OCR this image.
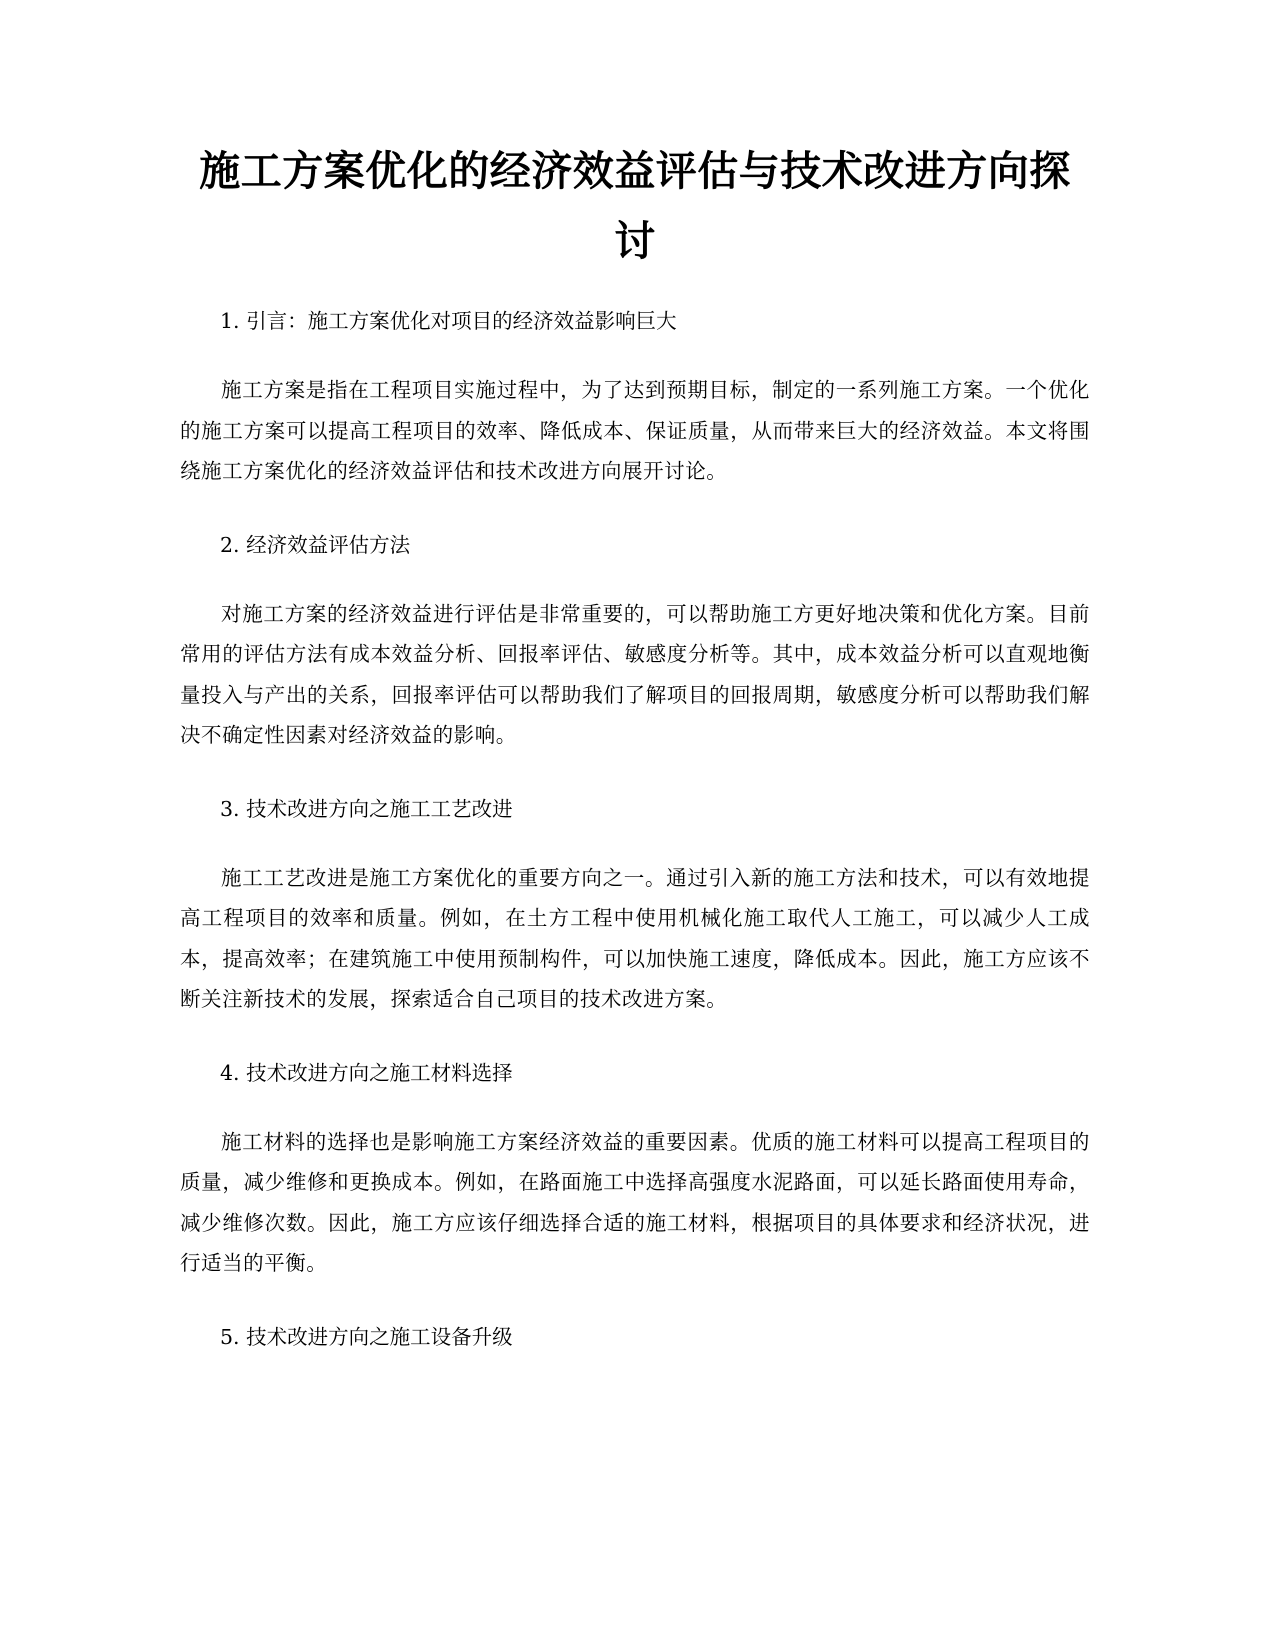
施工方案优化的经济效益评估与技术改进方向探讨

1. 引言：施工方案优化对项目的经济效益影响巨大

施工方案是指在工程项目实施过程中，为了达到预期目标，制定的一系列施工方案。一个优化的施工方案可以提高工程项目的效率、降低成本、保证质量，从而带来巨大的经济效益。本文将围绕施工方案优化的经济效益评估和技术改进方向展开讨论。

2. 经济效益评估方法

对施工方案的经济效益进行评估是非常重要的，可以帮助施工方更好地决策和优化方案。目前常用的评估方法有成本效益分析、回报率评估、敏感度分析等。其中，成本效益分析可以直观地衡量投入与产出的关系，回报率评估可以帮助我们了解项目的回报周期，敏感度分析可以帮助我们解决不确定性因素对经济效益的影响。

3. 技术改进方向之施工工艺改进

施工工艺改进是施工方案优化的重要方向之一。通过引入新的施工方法和技术，可以有效地提高工程项目的效率和质量。例如，在土方工程中使用机械化施工取代人工施工，可以减少人工成本，提高效率；在建筑施工中使用预制构件，可以加快施工速度，降低成本。因此，施工方应该不断关注新技术的发展，探索适合自己项目的技术改进方案。

4. 技术改进方向之施工材料选择

施工材料的选择也是影响施工方案经济效益的重要因素。优质的施工材料可以提高工程项目的质量，减少维修和更换成本。例如，在路面施工中选择高强度水泥路面，可以延长路面使用寿命，减少维修次数。因此，施工方应该仔细选择合适的施工材料，根据项目的具体要求和经济状况，进行适当的平衡。

5. 技术改进方向之施工设备升级
